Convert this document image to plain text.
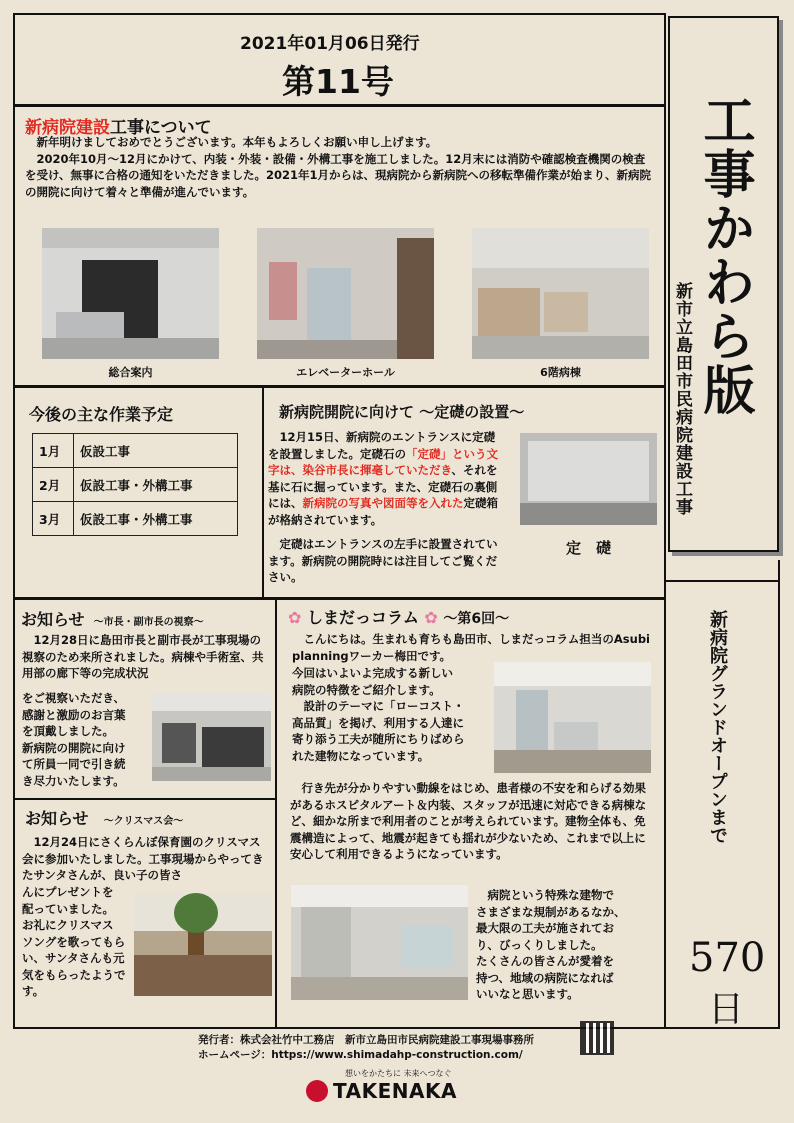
2021年01月06日発行
第11号
工事かわら版
新市立島田市民病院建設工事
新病院グランドオープンまで
570
日
新病院建設工事について
新年明けましておめでとうございます。本年もよろしくお願い申し上げます。
2020年10月～12月にかけて、内装・外装・設備・外構工事を施工しました。12月末には消防や確認検査機関の検査を受け、無事に合格の通知をいただきました。2021年1月からは、現病院から新病院への移転準備作業が始まり、新病院の開院に向けて着々と準備が進んでいます。
総合案内	エレベーターホール	6階病棟
今後の主な作業予定
1月	仮設工事
2月	仮設工事・外構工事
3月	仮設工事・外構工事
新病院開院に向けて ～定礎の設置～
12月15日、新病院のエントランスに定礎を設置しました。定礎石の「定礎」という文字は、染谷市長に揮毫していただき、それを基に石に掘っています。また、定礎石の裏側には、新病院の写真や図面等を入れた定礎箱が格納されています。
定礎はエントランスの左手に設置されています。新病院の開院時には注目してご覧ください。
定　礎
お知らせ ～市長・副市長の視察～
12月28日に島田市長と副市長が工事現場の視察のため来所されました。病棟や手術室、共用部の廊下等の完成状況
をご視察いただき、
感謝と激励のお言葉
を頂戴しました。
新病院の開院に向け
て所員一同で引き続
き尽力いたします。
お知らせ ～クリスマス会～
12月24日にさくらんぼ保育園のクリスマス会に参加いたしました。工事現場からやってきたサンタさんが、良い子の皆さ
んにプレゼントを
配っていました。
お礼にクリスマス
ソングを歌ってもら
い、サンタさんも元
気をもらったようで
す。
✿ しまだっコラム ✿ ～第6回～
こんにちは。生まれも育ちも島田市、しまだっコラム担当のAsubi planningワーカー梅田です。
今回はいよいよ完成する新しい
病院の特徴をご紹介します。
　設計のテーマに「ローコスト・
高品質」を掲げ、利用する人達に
寄り添う工夫が随所にちりばめら
れた建物になっています。
行き先が分かりやすい動線をはじめ、患者様の不安を和らげる効果があるホスピタルアート＆内装、スタッフが迅速に対応できる病棟など、細かな所まで利用者のことが考えられています。建物全体も、免震構造によって、地震が起きても揺れが少ないため、これまで以上に安心して利用できるようになっています。
病院という特殊な建物で
さまざまな規制があるなか、
最大限の工夫が施されてお
り、びっくりしました。
たくさんの皆さんが愛着を
持つ、地域の病院になれば
いいなと思います。
発行者：株式会社竹中工務店　新市立島田市民病院建設工事現場事務所
ホームページ：https://www.shimadahp-construction.com/
想いをかたちに 未来へつなぐ
TAKENAKA
